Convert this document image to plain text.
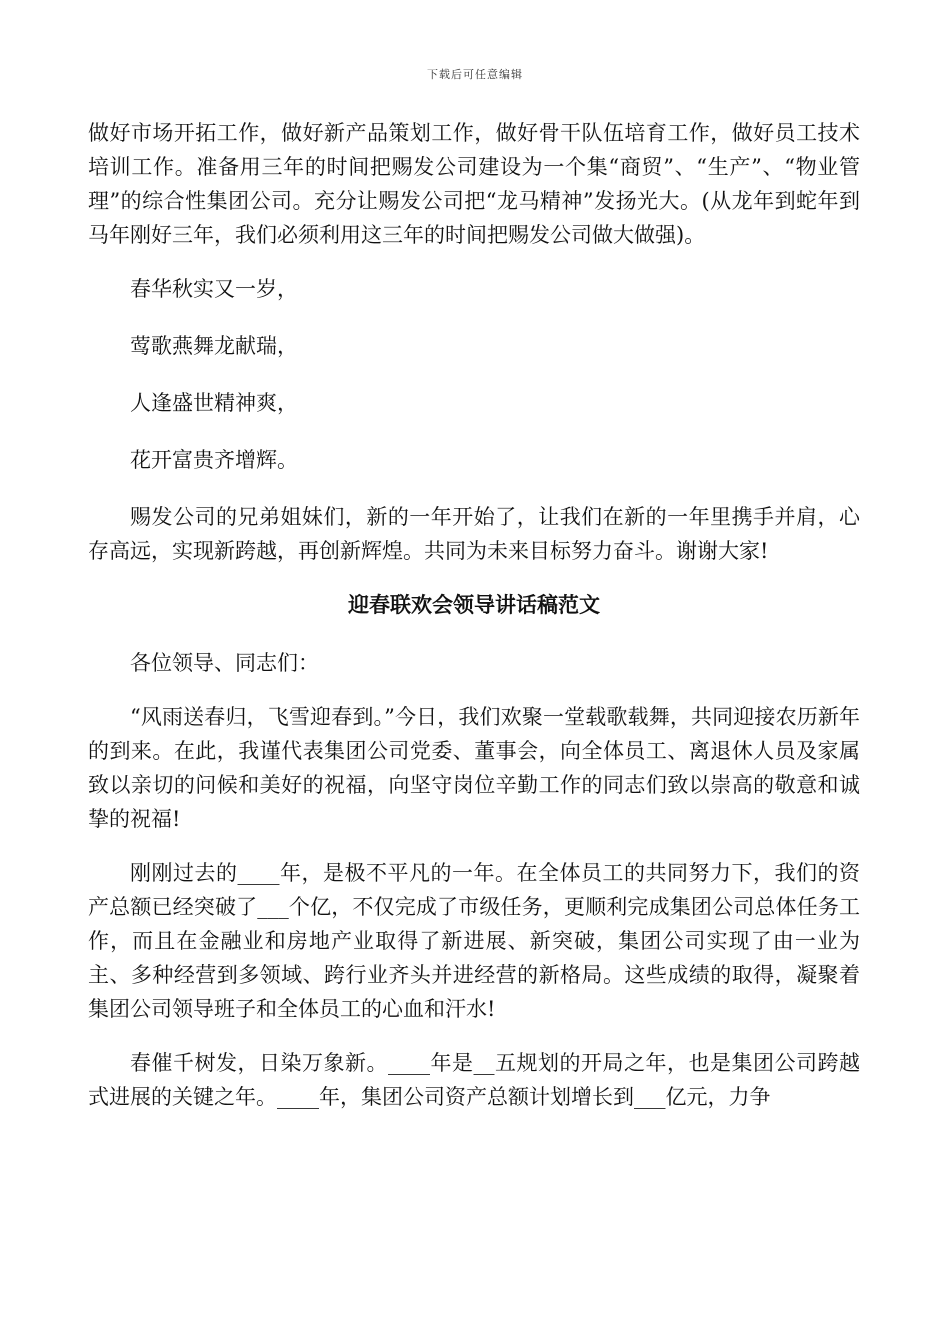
下载后可任意编辑

做好市场开拓工作，做好新产品策划工作，做好骨干队伍培育工作，做好员工技术培训工作。准备用三年的时间把赐发公司建设为一个集“商贸”、“生产”、“物业管理”的综合性集团公司。充分让赐发公司把“龙马精神”发扬光大。(从龙年到蛇年到马年刚好三年，我们必须利用这三年的时间把赐发公司做大做强)。

春华秋实又一岁，

莺歌燕舞龙献瑞，

人逢盛世精神爽，

花开富贵齐增辉。

赐发公司的兄弟姐妹们，新的一年开始了，让我们在新的一年里携手并肩，心存高远，实现新跨越，再创新辉煌。共同为未来目标努力奋斗。谢谢大家!

迎春联欢会领导讲话稿范文

各位领导、同志们：

“风雨送春归，飞雪迎春到。”今日，我们欢聚一堂载歌载舞，共同迎接农历新年的到来。在此，我谨代表集团公司党委、董事会，向全体员工、离退休人员及家属致以亲切的问候和美好的祝福，向坚守岗位辛勤工作的同志们致以崇高的敬意和诚挚的祝福!

刚刚过去的____年，是极不平凡的一年。在全体员工的共同努力下，我们的资产总额已经突破了___个亿，不仅完成了市级任务，更顺利完成集团公司总体任务工作，而且在金融业和房地产业取得了新进展、新突破，集团公司实现了由一业为主、多种经营到多领域、跨行业齐头并进经营的新格局。这些成绩的取得，凝聚着集团公司领导班子和全体员工的心血和汗水!

春催千树发，日染万象新。____年是__五规划的开局之年，也是集团公司跨越式进展的关键之年。____年，集团公司资产总额计划增长到___亿元，力争
